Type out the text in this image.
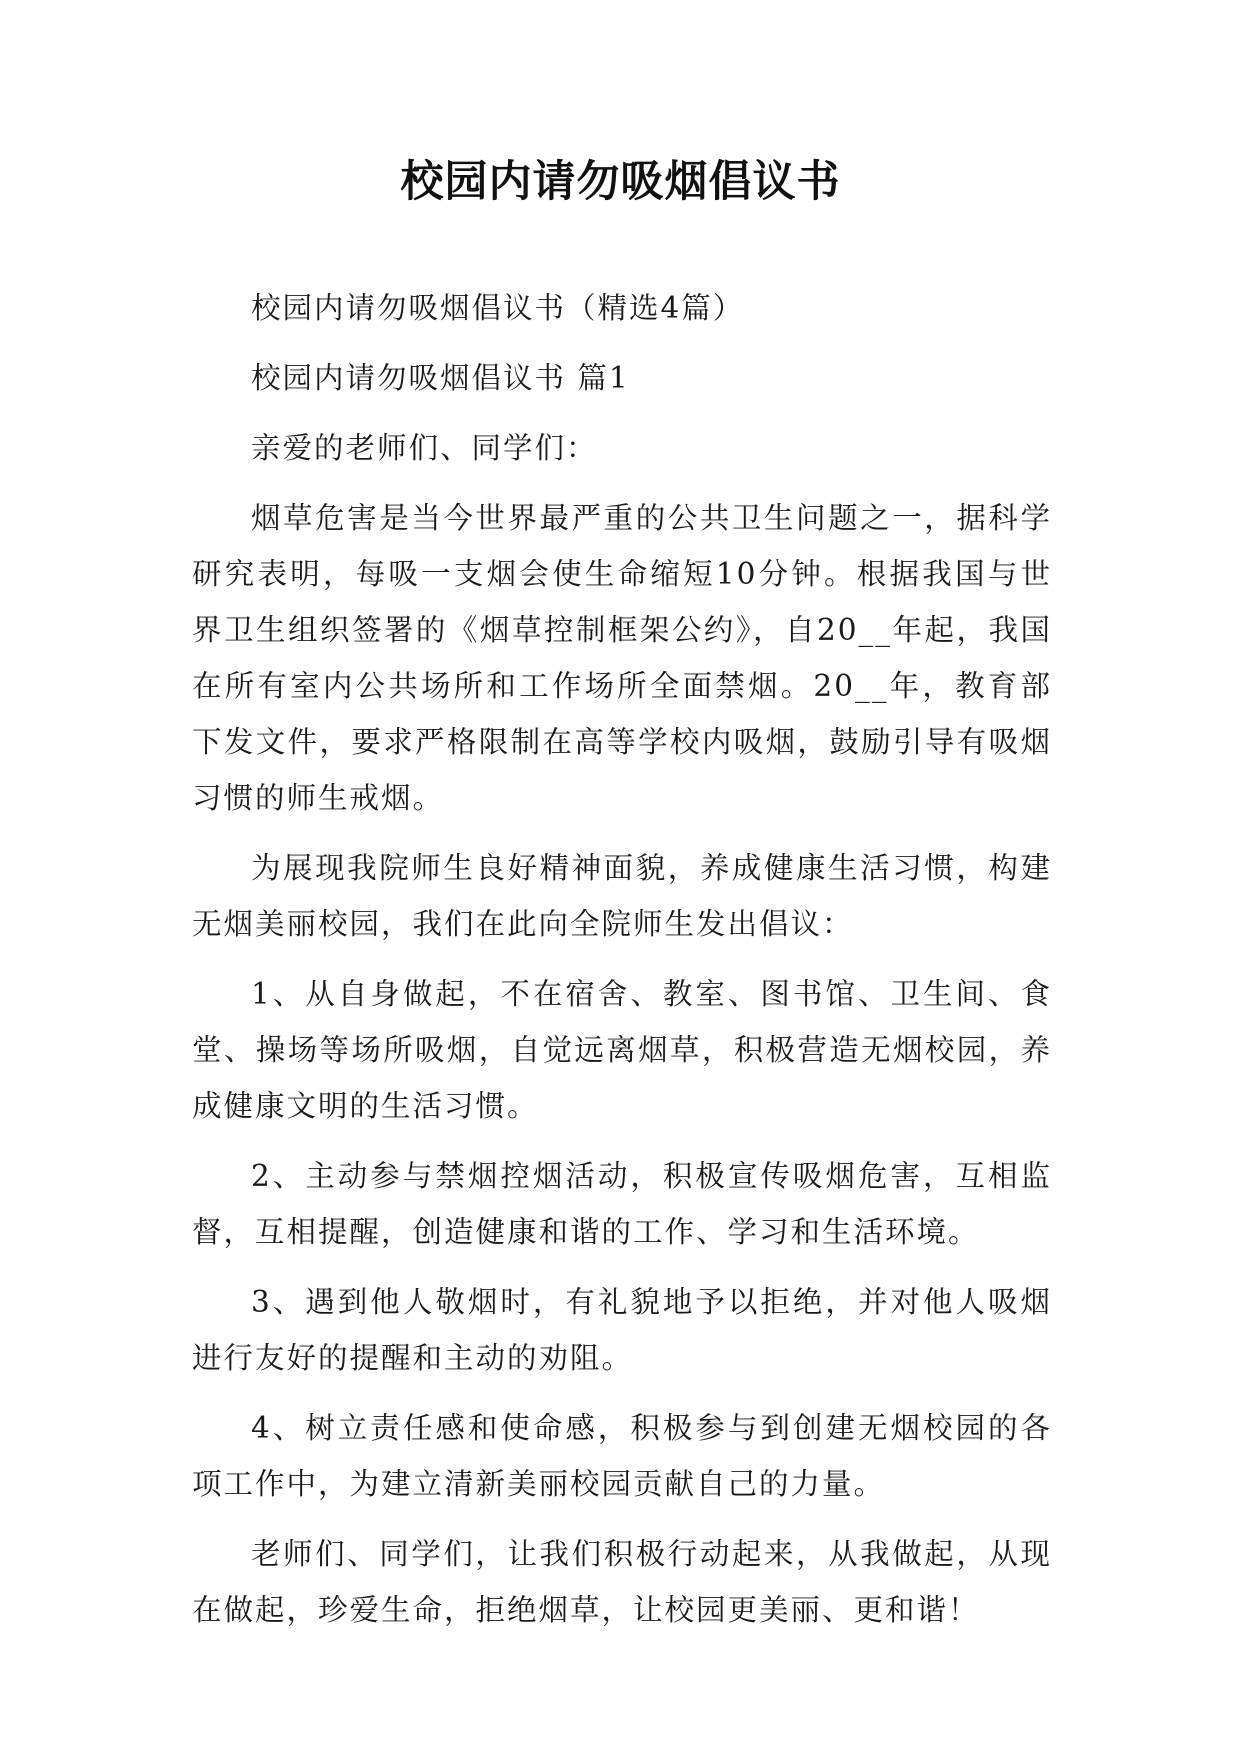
校园内请勿吸烟倡议书

校园内请勿吸烟倡议书（精选4篇）

校园内请勿吸烟倡议书 篇1

亲爱的老师们、同学们：

烟草危害是当今世界最严重的公共卫生问题之一，据科学研究表明，每吸一支烟会使生命缩短10分钟。根据我国与世界卫生组织签署的《烟草控制框架公约》，自20__年起，我国在所有室内公共场所和工作场所全面禁烟。20__年，教育部下发文件，要求严格限制在高等学校内吸烟，鼓励引导有吸烟习惯的师生戒烟。

为展现我院师生良好精神面貌，养成健康生活习惯，构建无烟美丽校园，我们在此向全院师生发出倡议：

1、从自身做起，不在宿舍、教室、图书馆、卫生间、食堂、操场等场所吸烟，自觉远离烟草，积极营造无烟校园，养成健康文明的生活习惯。

2、主动参与禁烟控烟活动，积极宣传吸烟危害，互相监督，互相提醒，创造健康和谐的工作、学习和生活环境。

3、遇到他人敬烟时，有礼貌地予以拒绝，并对他人吸烟进行友好的提醒和主动的劝阻。

4、树立责任感和使命感，积极参与到创建无烟校园的各项工作中，为建立清新美丽校园贡献自己的力量。

老师们、同学们，让我们积极行动起来，从我做起，从现在做起，珍爱生命，拒绝烟草，让校园更美丽、更和谐！
